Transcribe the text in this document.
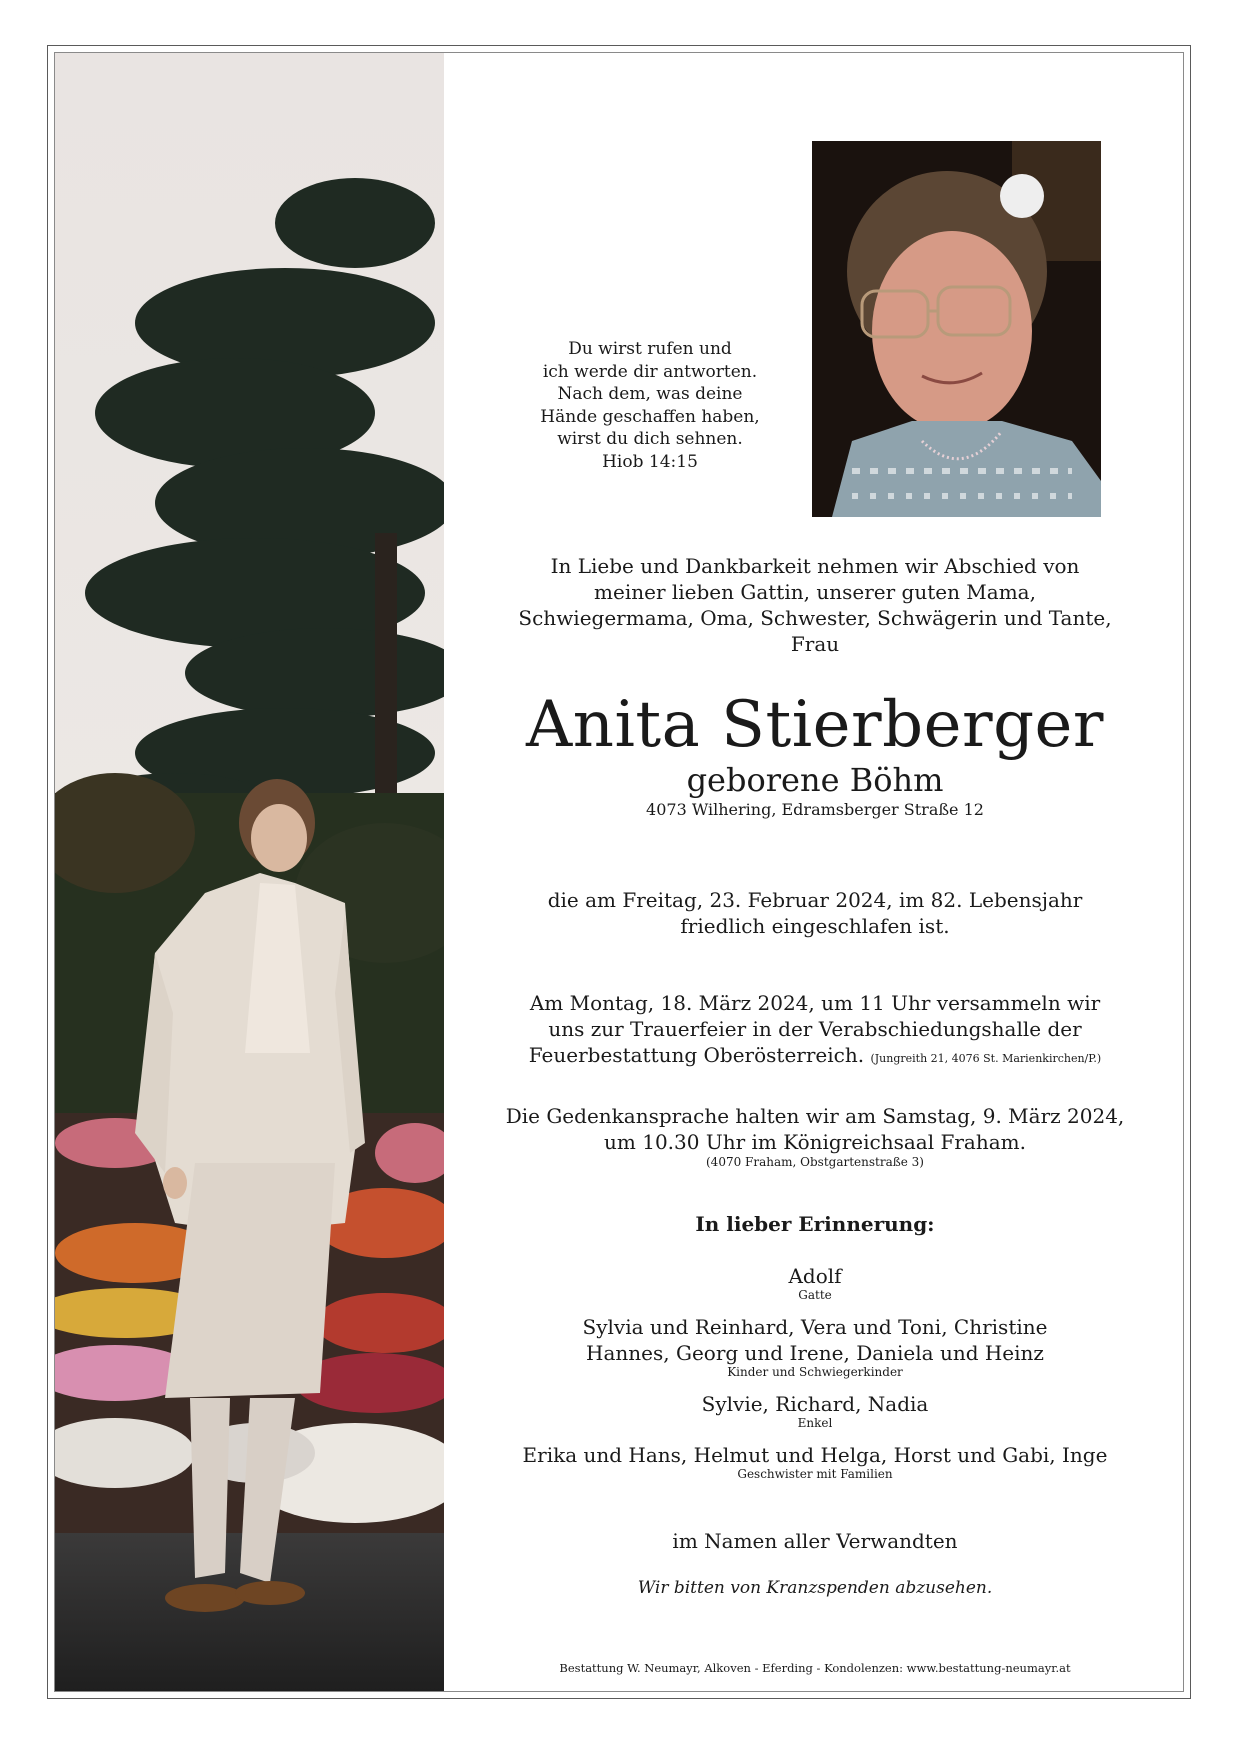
Du wirst rufen und
ich werde dir antworten.
Nach dem, was deine
Hände geschaffen haben,
wirst du dich sehnen.
Hiob 14:15
In Liebe und Dankbarkeit nehmen wir Abschied von
meiner lieben Gattin, unserer guten Mama,
Schwiegermama, Oma, Schwester, Schwägerin und Tante,
Frau
Anita Stierberger
geborene Böhm
4073 Wilhering, Edramsberger Straße 12
die am Freitag, 23. Februar 2024, im 82. Lebensjahr
friedlich eingeschlafen ist.
Am Montag, 18. März 2024, um 11 Uhr versammeln wir
uns zur Trauerfeier in der Verabschiedungshalle der
Feuerbestattung Oberösterreich. (Jungreith 21, 4076 St. Marienkirchen/P.)
Die Gedenkansprache halten wir am Samstag, 9. März 2024,
um 10.30 Uhr im Königreichsaal Fraham.
(4070 Fraham, Obstgartenstraße 3)
In lieber Erinnerung:
Adolf
Gatte
Sylvia und Reinhard, Vera und Toni, Christine
Hannes, Georg und Irene, Daniela und Heinz
Kinder und Schwiegerkinder
Sylvie, Richard, Nadia
Enkel
Erika und Hans, Helmut und Helga, Horst und Gabi, Inge
Geschwister mit Familien
im Namen aller Verwandten
Wir bitten von Kranzspenden abzusehen.
Bestattung W. Neumayr, Alkoven - Eferding - Kondolenzen: www.bestattung-neumayr.at
